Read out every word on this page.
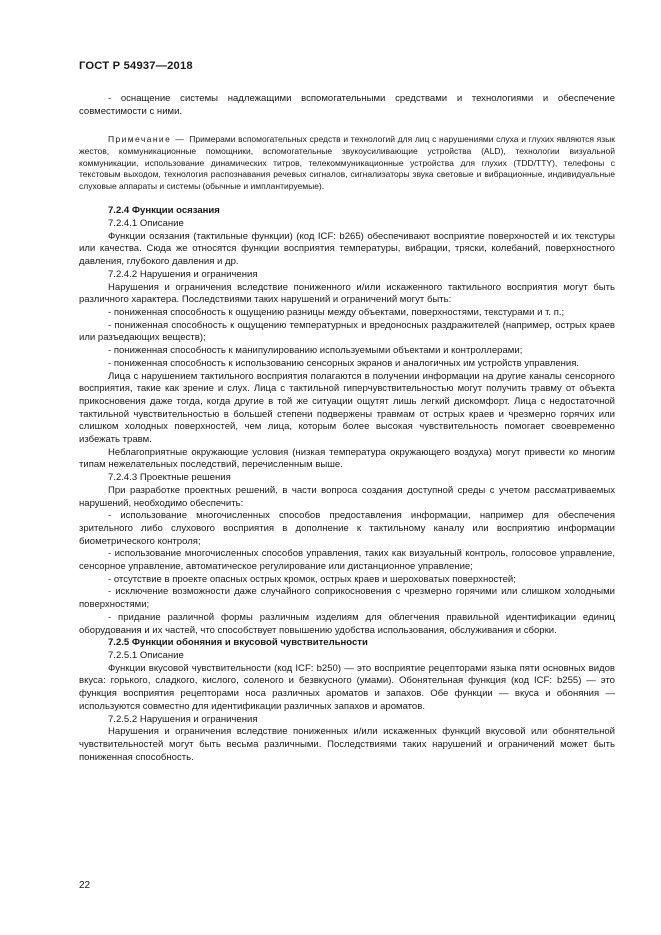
ГОСТ Р 54937—2018

- оснащение системы надлежащими вспомогательными средствами и технологиями и обеспечение совместимости с ними.

Примечание — Примерами вспомогательных средств и технологий для лиц с нарушениями слуха и глухих являются язык жестов, коммуникационные помощники, вспомогательные звукоусиливающие устройства (ALD), технологии визуальной коммуникации, использование динамических титров, телекоммуникационные устройства для глухих (TDD/TTY), телефоны с текстовым выходом, технология распознавания речевых сигналов, сигнализаторы звука световые и вибрационные, индивидуальные слуховые аппараты и системы (обычные и имплантируемые).

7.2.4 Функции осязания

7.2.4.1 Описание

Функции осязания (тактильные функции) (код ICF: b265) обеспечивают восприятие поверхностей и их текстуры или качества. Сюда же относятся функции восприятия температуры, вибрации, тряски, колебаний, поверхностного давления, глубокого давления и др.

7.2.4.2 Нарушения и ограничения

Нарушения и ограничения вследствие пониженного и/или искаженного тактильного восприятия могут быть различного характера. Последствиями таких нарушений и ограничений могут быть:

- пониженная способность к ощущению разницы между объектами, поверхностями, текстурами и т. п.;

- пониженная способность к ощущению температурных и вредоносных раздражителей (например, острых краев или разъедающих веществ);

- пониженная способность к манипулированию используемыми объектами и контроллерами;

- пониженная способность к использованию сенсорных экранов и аналогичных им устройств управления.

Лица с нарушением тактильного восприятия полагаются в получении информации на другие каналы сенсорного восприятия, такие как зрение и слух. Лица с тактильной гиперчувствительностью могут получить травму от объекта прикосновения даже тогда, когда другие в той же ситуации ощутят лишь легкий дискомфорт. Лица с недостаточной тактильной чувствительностью в большей степени подвержены травмам от острых краев и чрезмерно горячих или слишком холодных поверхностей, чем лица, которым более высокая чувствительность помогает своевременно избежать травм.

Неблагоприятные окружающие условия (низкая температура окружающего воздуха) могут привести ко многим типам нежелательных последствий, перечисленным выше.

7.2.4.3 Проектные решения

При разработке проектных решений, в части вопроса создания доступной среды с учетом рассматриваемых нарушений, необходимо обеспечить:

- использование многочисленных способов предоставления информации, например для обеспечения зрительного либо слухового восприятия в дополнение к тактильному каналу или восприятию информации биометрического контроля;

- использование многочисленных способов управления, таких как визуальный контроль, голосовое управление, сенсорное управление, автоматическое регулирование или дистанционное управление;

- отсутствие в проекте опасных острых кромок, острых краев и шероховатых поверхностей;

- исключение возможности даже случайного соприкосновения с чрезмерно горячими или слишком холодными поверхностями;

- придание различной формы различным изделиям для облегчения правильной идентификации единиц оборудования и их частей, что способствует повышению удобства использования, обслуживания и сборки.

7.2.5 Функции обоняния и вкусовой чувствительности

7.2.5.1 Описание

Функции вкусовой чувствительности (код ICF: b250) — это восприятие рецепторами языка пяти основных видов вкуса: горького, сладкого, кислого, соленого и безвкусного (умами). Обонятельная функция (код ICF: b255) — это функция восприятия рецепторами носа различных ароматов и запахов. Обе функции — вкуса и обоняния — используются совместно для идентификации различных запахов и ароматов.

7.2.5.2 Нарушения и ограничения

Нарушения и ограничения вследствие пониженных и/или искаженных функций вкусовой или обонятельной чувствительностей могут быть весьма различными. Последствиями таких нарушений и ограничений может быть пониженная способность.

22
